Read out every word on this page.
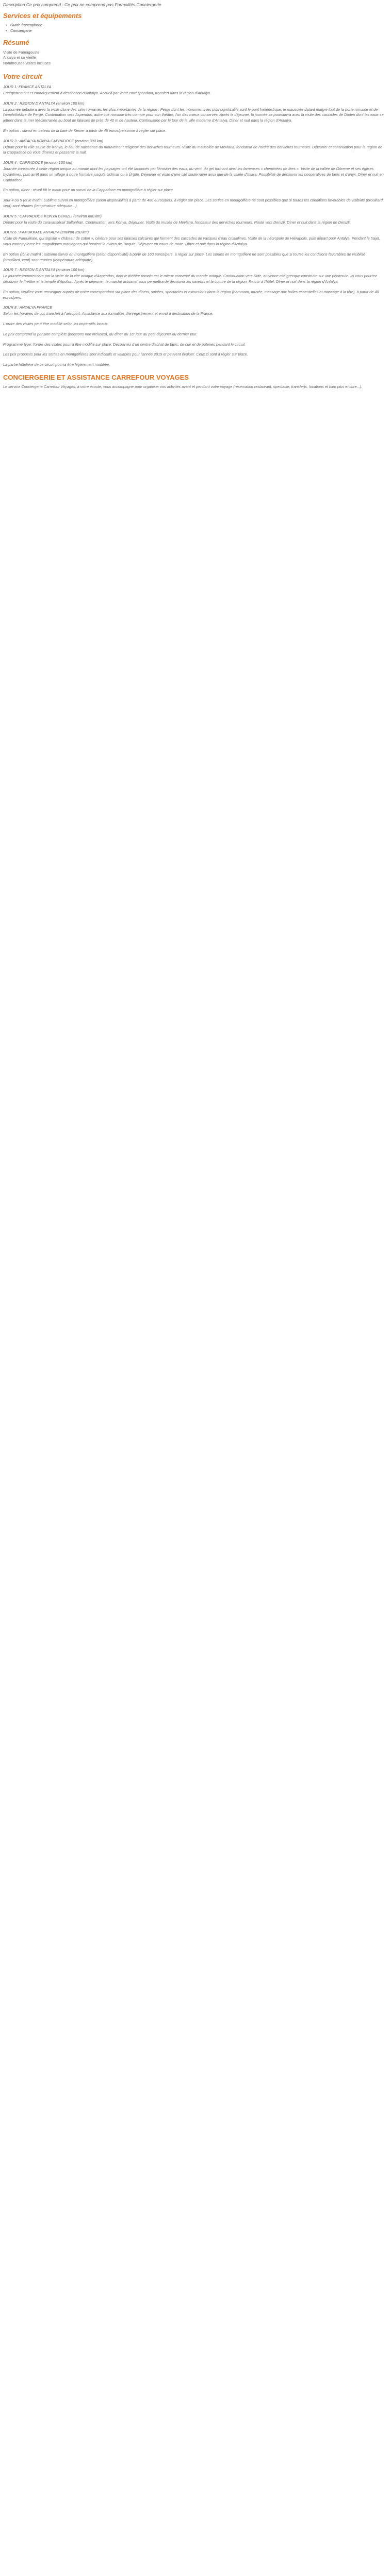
Description Ce prix comprend : Ce prix ne comprend pas Formalités Conciergerie

Services et équipements
• Guide francophone
• Conciergerie
Résumé
Visite de Famagouste
Antalya et sa Vieille
Nombreuses visites incluses
Votre circuit
JOUR 1: FRANCE ANTALYA

Enregistrement et embarquement à destination d'Antalya. Accueil par votre correspondant, transfert dans la région d'Antalya.

JOUR 2 : REGION D'ANTALYA (environ 100 km)

La journée débutera avec la visite d'une des cités romaines les plus importantes de la région : Perge dont les monuments les plus significatifs sont le pont hellénistique, le mausolée datant malgré tout de la porte romaine et de l'amphithéâtre de Perge. Continuation vers Aspendos, autre cité romaine très connue pour son théâtre, l'un des mieux conservés. Après le déjeuner, la journée se poursuivra avec la visite des cascades de Duden dont les eaux se jettent dans la mer Méditerranée au bout de falaises de près de 40 m de hauteur. Continuation par le tour de la ville moderne d'Antalya. Dîner et nuit dans la région d'Antalya.

En option : survol en bateau de la baie de Kemer à partir de 45 euros/personne à régler sur place.

JOUR 3 : ANTALYA KONYA CAPPADOCE (environ 390 km)

Départ pour la ville sainte de Konya, le lieu de naissance du mouvement religieux des derviches tourneurs. Visite du mausolée de Mevlana, fondateur de l'ordre des derviches tourneurs. Déjeuner et continuation pour la région de la Cappadoce où vous dînerez et passerez la nuit.

JOUR 4 : CAPPADOCE (environ 100 km)

Journée consacrée à cette région unique au monde dont les paysages ont été façonnés par l'érosion des eaux, du vent, du gel formant ainsi les fameuses « cheminées de fées ». Visite de la vallée de Göreme et ses églises byzantines, puis arrêt dans un village à notre frontière jusqu'à Uchisar ou à Ürgüp. Déjeuner et visite d'une cité souterraine ainsi que de la vallée d'Ihlara. Possibilité de découvrir les coopératives de tapis et d'onyx. Dîner et nuit en Cappadoce.

En option, dîner : réveil tôt le matin pour un survol de la Cappadoce en montgolfière à régler sur place.

Jour 4 ou 5 (et le matin, sublime survol en montgolfière (selon disponibilité) à partir de 400 euros/pers. à régler sur place. Les sorties en montgolfière ne sont possibles que si toutes les conditions favorables de visibilité (brouillard, vent) sont réunies (température adéquate...).

JOUR 5 : CAPPADOCE KONYA DENIZLI (environ 680 km)

Départ pour la visite du caravansérail Sultanhan. Continuation vers Konya. Déjeuner. Visite du musée de Mevlana, fondateur des derviches tourneurs. Route vers Denizli. Dîner et nuit dans la région de Denizli.

JOUR 6 : PAMUKKALE ANTALYA (environ 250 km)

Visite de Pamukkale, qui signifie « château de coton », célèbre pour ses falaises calcaires qui forment des cascades de vasques d'eau cristallines. Visite de la nécropole de Hiérapolis, puis départ pour Antalya. Pendant le trajet, vous contemplerez les magnifiques montagnes qui bordent la riviera de Turquie. Déjeuner en cours de route. Dîner et nuit dans la région d'Antalya.

En option (tôt le matin) : sublime survol en montgolfière (selon disponibilité) à partir de 160 euros/pers. à régler sur place. Les sorties en montgolfière ne sont possibles que si toutes les conditions favorables de visibilité (brouillard, vent) sont réunies (température adéquate).

JOUR 7 : REGION D'ANTALYA (environ 100 km)

La journée commencera par la visite de la cité antique d'Aspendos, dont le théâtre romain est le mieux conservé du monde antique. Continuation vers Side, ancienne cité grecque construite sur une péninsule. Ici vous pourrez découvrir le théâtre et le temple d'Apollon. Après le déjeuner, le marché artisanal vous permettra de découvrir les saveurs et la culture de la région. Retour à l'hôtel. Dîner et nuit dans la région d'Antalya.

En option, veuillez vous renseigner auprès de notre correspondant sur place des dîners, soirées, spectacles et excursions dans la région (hammam, musée, massage aux huiles essentielles et massage à la tête), à partir de 40 euros/pers.

JOUR 8 : ANTALYA FRANCE

Selon les horaires de vol, transfert à l'aéroport. Assistance aux formalités d'enregistrement et envol à destination de la France.

L'ordre des visites peut être modifié selon les impératifs locaux.

Le prix comprend la pension complète (boissons non incluses), du dîner du 1er jour au petit déjeuner du dernier jour.

Programmé type, l'ordre des visites pourra être modifié sur place. Découvrez d'un centre d'achat de tapis, de cuir et de poteries pendant le circuit.

Les prix proposés pour les sorties en montgolfières sont indicatifs et valables pour l'année 2019 et peuvent évoluer. Ceux ci sont à régler sur place.

La partie hôtelière de ce circuit pourra être légèrement modifiée.

CONCIERGERIE ET ASSISTANCE CARREFOUR VOYAGES

Le service Conciergerie Carrefour Voyages, à votre écoute, vous accompagne pour organiser vos activités avant et pendant votre voyage (réservation restaurant, spectacle, transferts, locations et bien plus encore...).
